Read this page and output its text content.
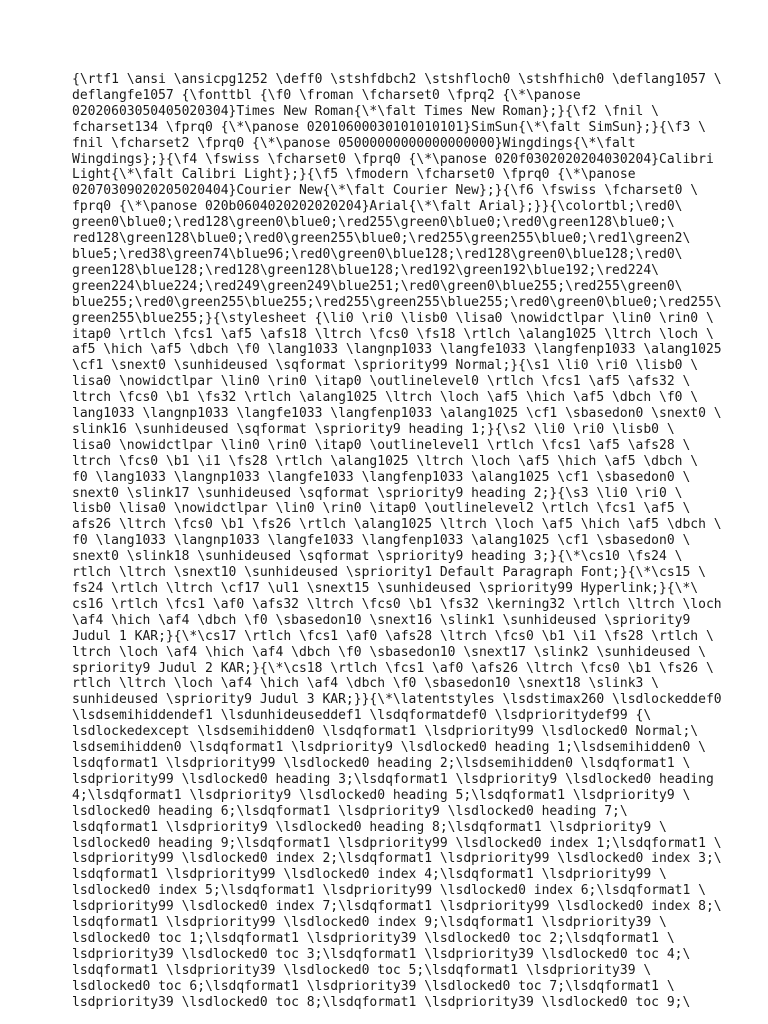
{\rtf1 \ansi \ansicpg1252 \deff0 \stshfdbch2 \stshfloch0 \stshfhich0 \deflang1057 \
deflangfe1057 {\fonttbl {\f0 \froman \fcharset0 \fprq2 {\*\panose
02020603050405020304}Times New Roman{\*\falt Times New Roman};}{\f2 \fnil \
fcharset134 \fprq0 {\*\panose 02010600030101010101}SimSun{\*\falt SimSun};}{\f3 \
fnil \fcharset2 \fprq0 {\*\panose 05000000000000000000}Wingdings{\*\falt
Wingdings};}{\f4 \fswiss \fcharset0 \fprq0 {\*\panose 020f0302020204030204}Calibri
Light{\*\falt Calibri Light};}{\f5 \fmodern \fcharset0 \fprq0 {\*\panose
02070309020205020404}Courier New{\*\falt Courier New};}{\f6 \fswiss \fcharset0 \
fprq0 {\*\panose 020b0604020202020204}Arial{\*\falt Arial};}}{\colortbl;\red0\
green0\blue0;\red128\green0\blue0;\red255\green0\blue0;\red0\green128\blue0;\
red128\green128\blue0;\red0\green255\blue0;\red255\green255\blue0;\red1\green2\
blue5;\red38\green74\blue96;\red0\green0\blue128;\red128\green0\blue128;\red0\
green128\blue128;\red128\green128\blue128;\red192\green192\blue192;\red224\
green224\blue224;\red249\green249\blue251;\red0\green0\blue255;\red255\green0\
blue255;\red0\green255\blue255;\red255\green255\blue255;\red0\green0\blue0;\red255\
green255\blue255;}{\stylesheet {\li0 \ri0 \lisb0 \lisa0 \nowidctlpar \lin0 \rin0 \
itap0 \rtlch \fcs1 \af5 \afs18 \ltrch \fcs0 \fs18 \rtlch \alang1025 \ltrch \loch \
af5 \hich \af5 \dbch \f0 \lang1033 \langnp1033 \langfe1033 \langfenp1033 \alang1025
\cf1 \snext0 \sunhideused \sqformat \spriority99 Normal;}{\s1 \li0 \ri0 \lisb0 \
lisa0 \nowidctlpar \lin0 \rin0 \itap0 \outlinelevel0 \rtlch \fcs1 \af5 \afs32 \
ltrch \fcs0 \b1 \fs32 \rtlch \alang1025 \ltrch \loch \af5 \hich \af5 \dbch \f0 \
lang1033 \langnp1033 \langfe1033 \langfenp1033 \alang1025 \cf1 \sbasedon0 \snext0 \
slink16 \sunhideused \sqformat \spriority9 heading 1;}{\s2 \li0 \ri0 \lisb0 \
lisa0 \nowidctlpar \lin0 \rin0 \itap0 \outlinelevel1 \rtlch \fcs1 \af5 \afs28 \
ltrch \fcs0 \b1 \i1 \fs28 \rtlch \alang1025 \ltrch \loch \af5 \hich \af5 \dbch \
f0 \lang1033 \langnp1033 \langfe1033 \langfenp1033 \alang1025 \cf1 \sbasedon0 \
snext0 \slink17 \sunhideused \sqformat \spriority9 heading 2;}{\s3 \li0 \ri0 \
lisb0 \lisa0 \nowidctlpar \lin0 \rin0 \itap0 \outlinelevel2 \rtlch \fcs1 \af5 \
afs26 \ltrch \fcs0 \b1 \fs26 \rtlch \alang1025 \ltrch \loch \af5 \hich \af5 \dbch \
f0 \lang1033 \langnp1033 \langfe1033 \langfenp1033 \alang1025 \cf1 \sbasedon0 \
snext0 \slink18 \sunhideused \sqformat \spriority9 heading 3;}{\*\cs10 \fs24 \
rtlch \ltrch \snext10 \sunhideused \spriority1 Default Paragraph Font;}{\*\cs15 \
fs24 \rtlch \ltrch \cf17 \ul1 \snext15 \sunhideused \spriority99 Hyperlink;}{\*\
cs16 \rtlch \fcs1 \af0 \afs32 \ltrch \fcs0 \b1 \fs32 \kerning32 \rtlch \ltrch \loch
\af4 \hich \af4 \dbch \f0 \sbasedon10 \snext16 \slink1 \sunhideused \spriority9
Judul 1 KAR;}{\*\cs17 \rtlch \fcs1 \af0 \afs28 \ltrch \fcs0 \b1 \i1 \fs28 \rtlch \
ltrch \loch \af4 \hich \af4 \dbch \f0 \sbasedon10 \snext17 \slink2 \sunhideused \
spriority9 Judul 2 KAR;}{\*\cs18 \rtlch \fcs1 \af0 \afs26 \ltrch \fcs0 \b1 \fs26 \
rtlch \ltrch \loch \af4 \hich \af4 \dbch \f0 \sbasedon10 \snext18 \slink3 \
sunhideused \spriority9 Judul 3 KAR;}}{\*\latentstyles \lsdstimax260 \lsdlockeddef0
\lsdsemihiddendef1 \lsdunhideuseddef1 \lsdqformatdef0 \lsdprioritydef99 {\
lsdlockedexcept \lsdsemihidden0 \lsdqformat1 \lsdpriority99 \lsdlocked0 Normal;\
lsdsemihidden0 \lsdqformat1 \lsdpriority9 \lsdlocked0 heading 1;\lsdsemihidden0 \
lsdqformat1 \lsdpriority99 \lsdlocked0 heading 2;\lsdsemihidden0 \lsdqformat1 \
lsdpriority99 \lsdlocked0 heading 3;\lsdqformat1 \lsdpriority9 \lsdlocked0 heading
4;\lsdqformat1 \lsdpriority9 \lsdlocked0 heading 5;\lsdqformat1 \lsdpriority9 \
lsdlocked0 heading 6;\lsdqformat1 \lsdpriority9 \lsdlocked0 heading 7;\
lsdqformat1 \lsdpriority9 \lsdlocked0 heading 8;\lsdqformat1 \lsdpriority9 \
lsdlocked0 heading 9;\lsdqformat1 \lsdpriority99 \lsdlocked0 index 1;\lsdqformat1 \
lsdpriority99 \lsdlocked0 index 2;\lsdqformat1 \lsdpriority99 \lsdlocked0 index 3;\
lsdqformat1 \lsdpriority99 \lsdlocked0 index 4;\lsdqformat1 \lsdpriority99 \
lsdlocked0 index 5;\lsdqformat1 \lsdpriority99 \lsdlocked0 index 6;\lsdqformat1 \
lsdpriority99 \lsdlocked0 index 7;\lsdqformat1 \lsdpriority99 \lsdlocked0 index 8;\
lsdqformat1 \lsdpriority99 \lsdlocked0 index 9;\lsdqformat1 \lsdpriority39 \
lsdlocked0 toc 1;\lsdqformat1 \lsdpriority39 \lsdlocked0 toc 2;\lsdqformat1 \
lsdpriority39 \lsdlocked0 toc 3;\lsdqformat1 \lsdpriority39 \lsdlocked0 toc 4;\
lsdqformat1 \lsdpriority39 \lsdlocked0 toc 5;\lsdqformat1 \lsdpriority39 \
lsdlocked0 toc 6;\lsdqformat1 \lsdpriority39 \lsdlocked0 toc 7;\lsdqformat1 \
lsdpriority39 \lsdlocked0 toc 8;\lsdqformat1 \lsdpriority39 \lsdlocked0 toc 9;\
